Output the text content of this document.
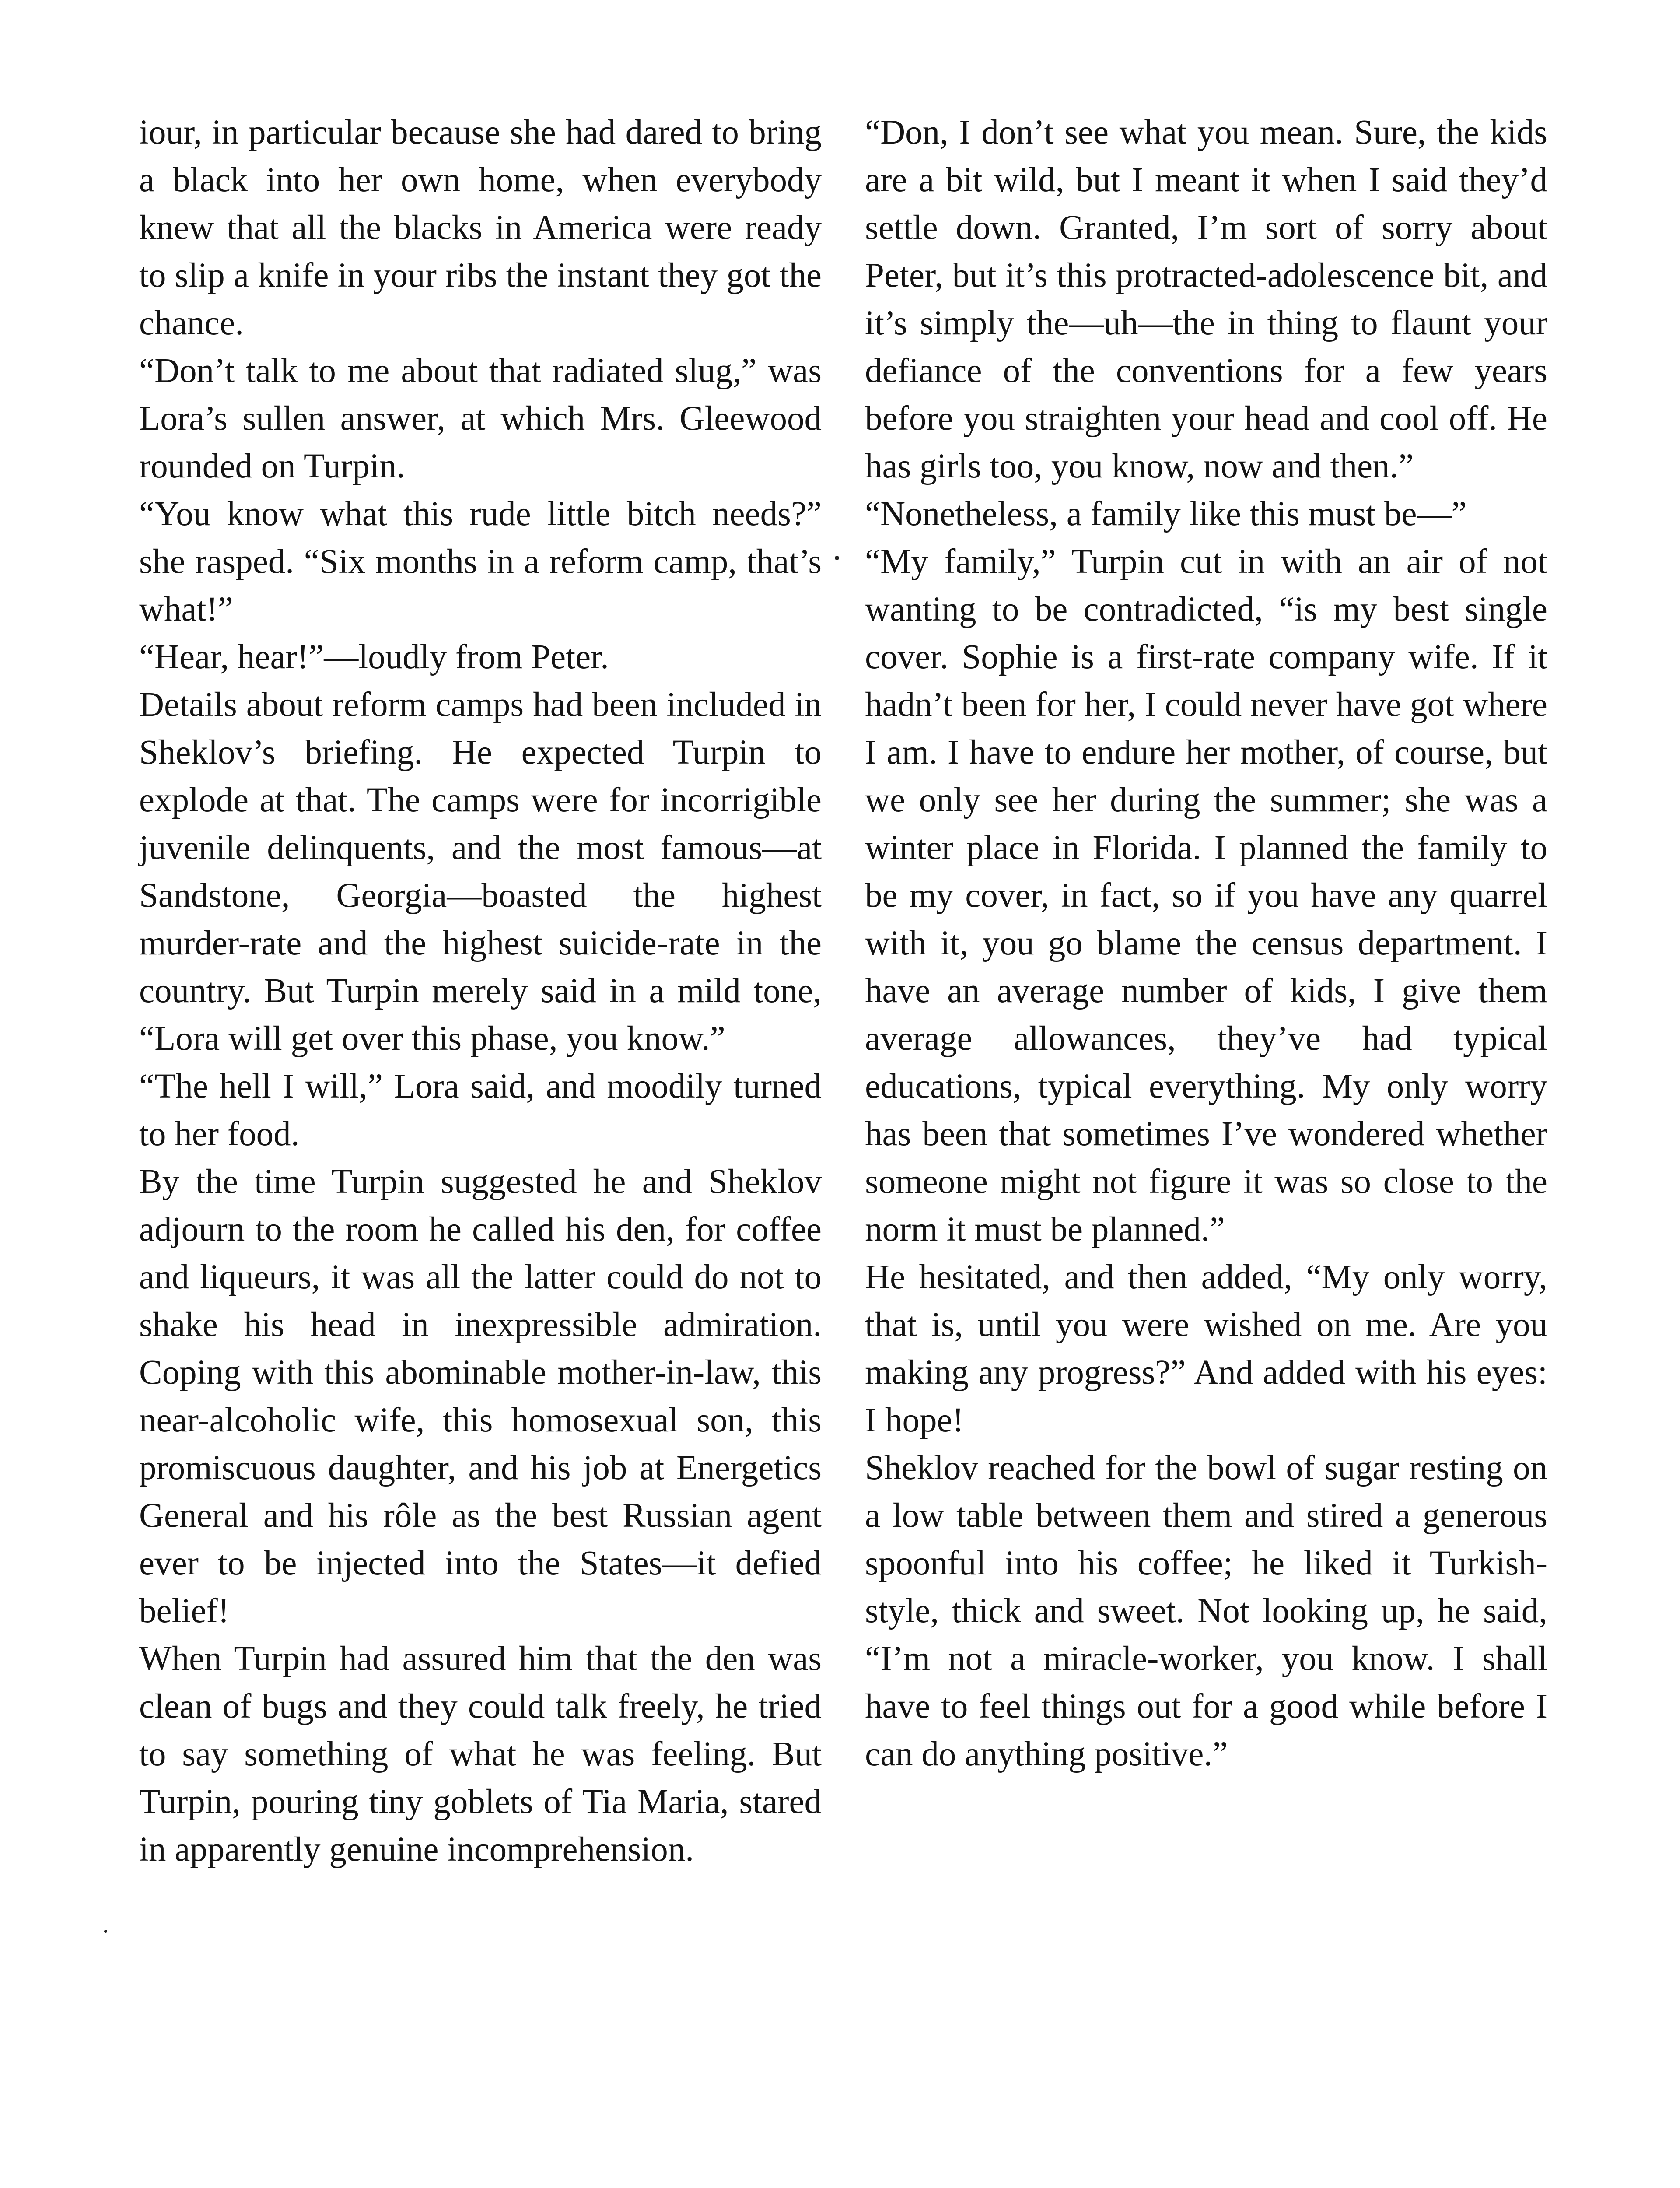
iour, in particular because she had dared to bring a black into her own home, when everybody knew that all the blacks in America were ready to slip a knife in your ribs the instant they got the chance.

“Don’t talk to me about that radiated slug,” was Lora’s sullen answer, at which Mrs. Gleewood rounded on Turpin.

“You know what this rude little bitch needs?” she rasped. “Six months in a reform camp, that’s what!”

“Hear, hear!”—loudly from Peter.

Details about reform camps had been included in Sheklov’s briefing. He expected Turpin to explode at that. The camps were for incorrigible juvenile delinquents, and the most famous—at Sandstone, Georgia—boasted the highest murder-rate and the highest suicide-rate in the country. But Turpin merely said in a mild tone, “Lora will get over this phase, you know.”

“The hell I will,” Lora said, and moodily turned to her food.

By the time Turpin suggested he and Sheklov adjourn to the room he called his den, for coffee and liqueurs, it was all the latter could do not to shake his head in inexpressible admiration. Coping with this abominable mother-in-law, this near-alcoholic wife, this homosexual son, this promiscuous daughter, and his job at Energetics General and his rôle as the best Russian agent ever to be injected into the States—it defied belief!

When Turpin had assured him that the den was clean of bugs and they could talk freely, he tried to say something of what he was feeling. But Turpin, pouring tiny goblets of Tia Maria, stared in apparently genuine incomprehension.

“Don, I don’t see what you mean. Sure, the kids are a bit wild, but I meant it when I said they’d settle down. Granted, I’m sort of sorry about Peter, but it’s this protracted-adolescence bit, and it’s simply the—uh—the in thing to flaunt your defiance of the conventions for a few years before you straighten your head and cool off. He has girls too, you know, now and then.”

“Nonetheless, a family like this must be—”

“My family,” Turpin cut in with an air of not wanting to be contradicted, “is my best single cover. Sophie is a first-rate company wife. If it hadn’t been for her, I could never have got where I am. I have to endure her mother, of course, but we only see her during the summer; she was a winter place in Florida. I planned the family to be my cover, in fact, so if you have any quarrel with it, you go blame the census department. I have an average number of kids, I give them average allowances, they’ve had typical educations, typical everything. My only worry has been that sometimes I’ve wondered whether someone might not figure it was so close to the norm it must be planned.”

He hesitated, and then added, “My only worry, that is, until you were wished on me. Are you making any progress?” And added with his eyes: I hope!

Sheklov reached for the bowl of sugar resting on a low table between them and stired a generous spoonful into his coffee; he liked it Turkish-style, thick and sweet. Not looking up, he said, “I’m not a miracle-worker, you know. I shall have to feel things out for a good while before I can do anything positive.”
